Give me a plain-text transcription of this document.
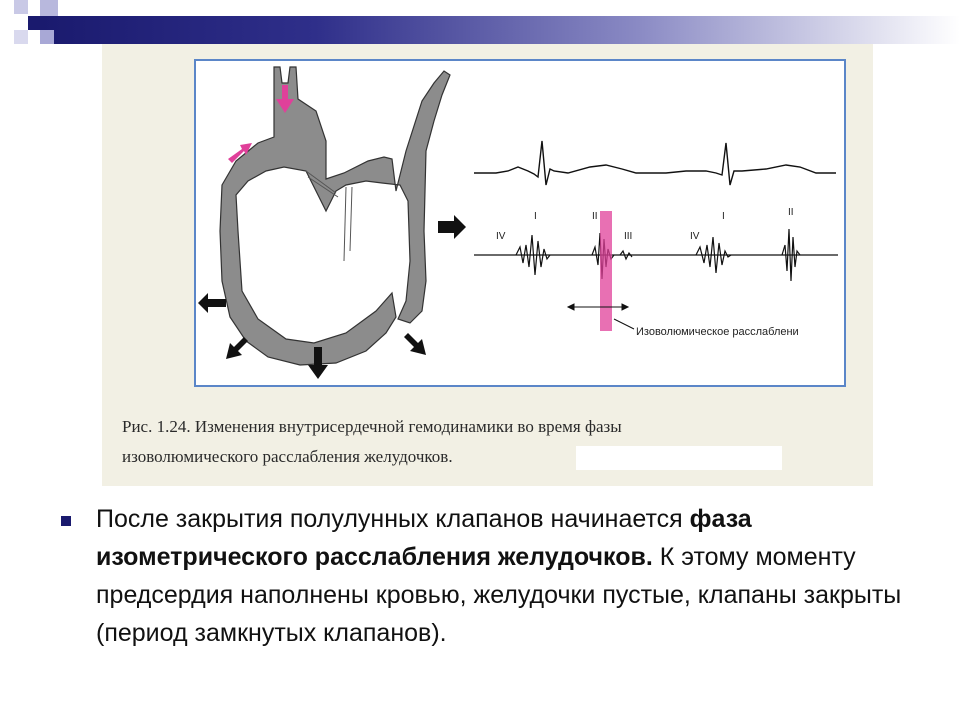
IV
I	II
III	IV
I	II
Изоволюмическое расслаблени
Рис. 1.24. Изменения внутрисердечной гемодинамики во время фазы
изоволюмического расслабления желудочков.
После закрытия полулунных клапанов начинается фаза изометрического расслабления желудочков. К этому моменту предсердия наполнены кровью, желудочки пустые, клапаны закрыты (период замкнутых клапанов).
